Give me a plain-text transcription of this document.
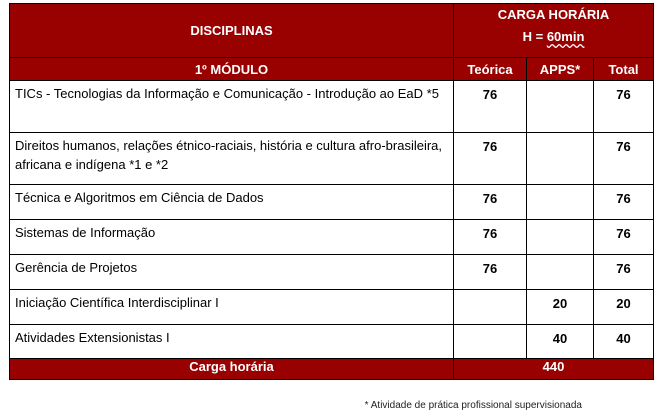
DISCIPLINAS	CARGA HORÁRIA
H = 60min		

1º MÓDULO	Teórica	APPS*	Total
TICs - Tecnologias da Informação e Comunicação - Introdução ao EaD *5	76		76
Direitos humanos, relações étnico-raciais, história e cultura afro-brasileira, africana e indígena *1 e *2	76		76
Técnica e Algoritmos em Ciência de Dados	76		76
Sistemas de Informação	76		76
Gerência de Projetos	76		76
Iniciação Científica Interdisciplinar I		20	20
Atividades Extensionistas I		40	40
Carga horária	440		
* Atividade de prática profissional supervisionada
